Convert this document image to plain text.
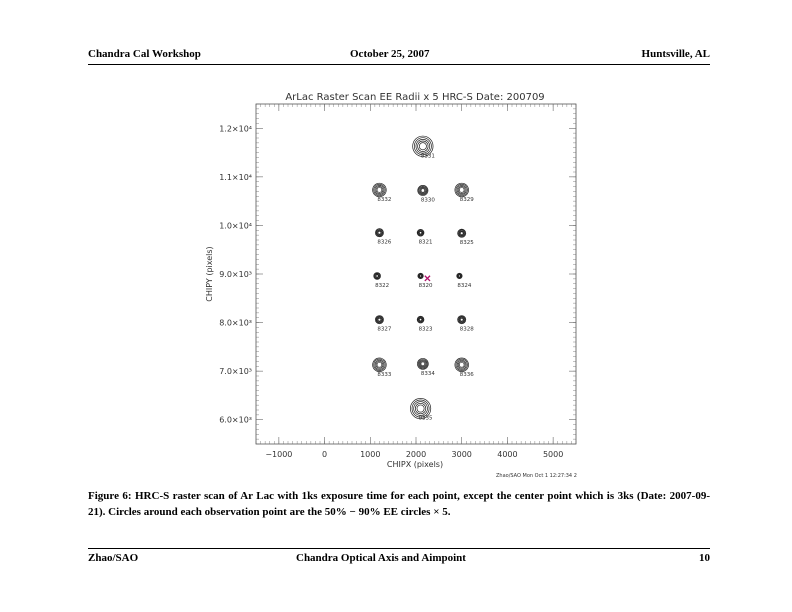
Chandra Cal Workshop	October 25, 2007	Huntsville, AL
ArLac Raster Scan EE Radii x 5 HRC-S Date: 200709
−1000	0	1000	2000	3000	4000	5000
6.0×10³
7.0×10³
8.0×10³
9.0×10³
1.0×10⁴
1.1×10⁴
1.2×10⁴
8331
8332	8330	8329
8326	8321	8325
8322	8320	8324
8327	8323	8328
8333	8334	8336
8335
CHIPX (pixels)
CHIPY (pixels)
Zhao/SAO Mon Oct 1 12:27:34 2
Figure 6: HRC-S raster scan of Ar Lac with 1ks exposure time for each point, except the center point which is 3ks (Date: 2007-09-21). Circles around each observation point are the 50% − 90% EE circles × 5.
Zhao/SAO	Chandra Optical Axis and Aimpoint	10
